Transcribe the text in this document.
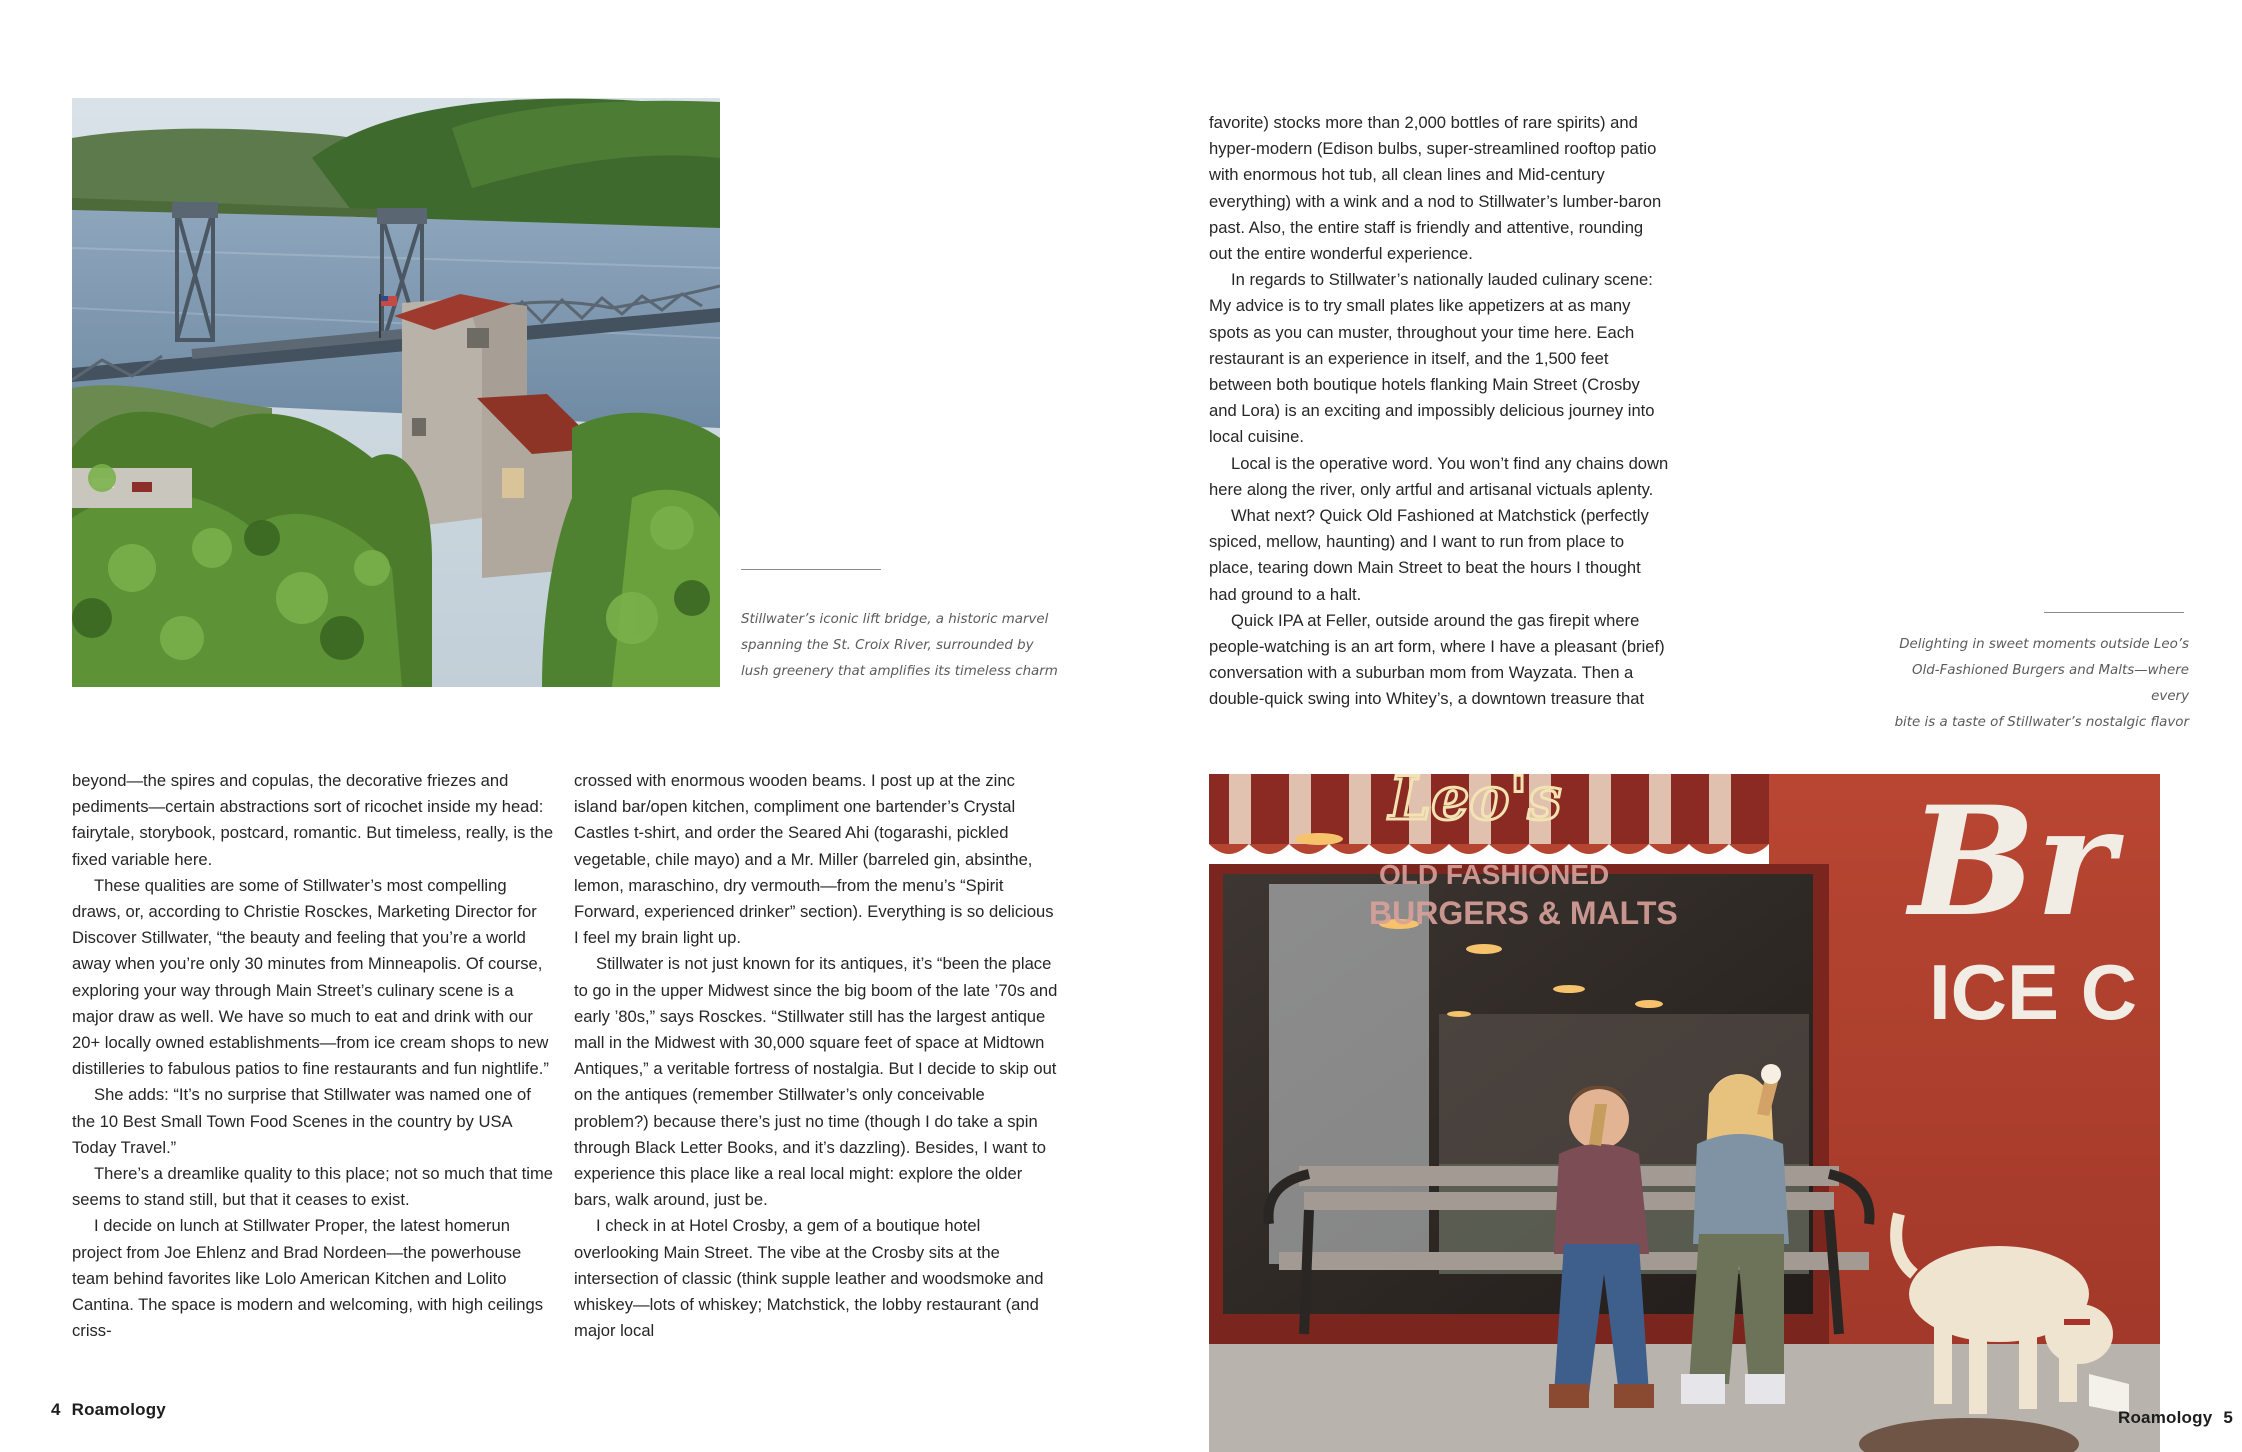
Stillwater’s iconic lift bridge, a historic marvel
spanning the St. Croix River, surrounded by
lush greenery that amplifies its timeless charm

beyond—the spires and copulas, the decorative friezes and pediments—certain abstractions sort of ricochet inside my head: fairytale, storybook, postcard, romantic. But timeless, really, is the fixed variable here.

These qualities are some of Stillwater’s most compelling draws, or, according to Christie Rosckes, Marketing Director for Discover Stillwater, “the beauty and feeling that you’re a world away when you’re only 30 minutes from Minneapolis. Of course, exploring your way through Main Street’s culinary scene is a major draw as well. We have so much to eat and drink with our 20+ locally owned establishments—from ice cream shops to new distilleries to fabulous patios to fine restaurants and fun nightlife.”

She adds: “It’s no surprise that Stillwater was named one of the 10 Best Small Town Food Scenes in the country by USA Today Travel.”

There’s a dreamlike quality to this place; not so much that time seems to stand still, but that it ceases to exist.

I decide on lunch at Stillwater Proper, the latest homerun project from Joe Ehlenz and Brad Nordeen—the powerhouse team behind favorites like Lolo American Kitchen and Lolito Cantina. The space is modern and welcoming, with high ceilings criss-

crossed with enormous wooden beams. I post up at the zinc island bar/open kitchen, compliment one bartender’s Crystal Castles t-shirt, and order the Seared Ahi (togarashi, pickled vegetable, chile mayo) and a Mr. Miller (barreled gin, absinthe, lemon, maraschino, dry vermouth—from the menu’s “Spirit Forward, experienced drinker” section). Everything is so delicious I feel my brain light up.

Stillwater is not just known for its antiques, it’s “been the place to go in the upper Midwest since the big boom of the late ’70s and early ’80s,” says Rosckes. “Stillwater still has the largest antique mall in the Midwest with 30,000 square feet of space at Midtown Antiques,” a veritable fortress of nostalgia. But I decide to skip out on the antiques (remember Stillwater’s only conceivable problem?) because there’s just no time (though I do take a spin through Black Letter Books, and it’s dazzling). Besides, I want to experience this place like a real local might: explore the older bars, walk around, just be.

I check in at Hotel Crosby, a gem of a boutique hotel overlooking Main Street. The vibe at the Crosby sits at the intersection of classic (think supple leather and woodsmoke and whiskey—lots of whiskey; Matchstick, the lobby restaurant (and major local

4 Roamology

favorite) stocks more than 2,000 bottles of rare spirits) and hyper-modern (Edison bulbs, super-streamlined rooftop patio with enormous hot tub, all clean lines and Mid-century everything) with a wink and a nod to Stillwater’s lumber-baron past. Also, the entire staff is friendly and attentive, rounding out the entire wonderful experience.

In regards to Stillwater’s nationally lauded culinary scene: My advice is to try small plates like appetizers at as many spots as you can muster, throughout your time here. Each restaurant is an experience in itself, and the 1,500 feet between both boutique hotels flanking Main Street (Crosby and Lora) is an exciting and impossibly delicious journey into local cuisine.

Local is the operative word. You won’t find any chains down here along the river, only artful and artisanal victuals aplenty.

What next? Quick Old Fashioned at Matchstick (perfectly spiced, mellow, haunting) and I want to run from place to place, tearing down Main Street to beat the hours I thought had ground to a halt.

Quick IPA at Feller, outside around the gas firepit where people-watching is an art form, where I have a pleasant (brief) conversation with a suburban mom from Wayzata. Then a double-quick swing into Whitey’s, a downtown treasure that

Delighting in sweet moments outside Leo’s
Old-Fashioned Burgers and Malts—where every
bite is a taste of Stillwater’s nostalgic flavor
Leo's
OLD FASHIONED
BURGERS & MALTS Br
ICE C
Roamology 5
